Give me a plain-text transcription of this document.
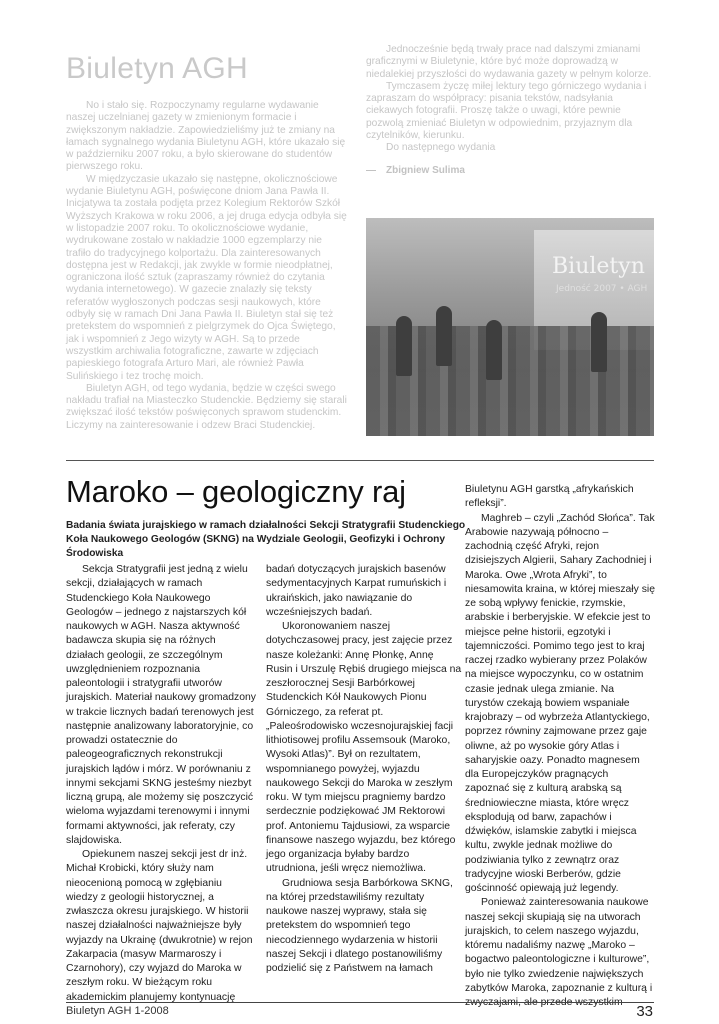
Biuletyn AGH

No i stało się. Rozpoczynamy regularne wydawanie naszej uczelnianej gazety w zmienionym formacie i zwiększonym nakładzie. Zapowiedzieliśmy już te zmiany na łamach sygnalnego wydania Biuletynu AGH, które ukazało się w październiku 2007 roku, a było skierowane do studentów pierwszego roku.

W międzyczasie ukazało się następne, okolicznościowe wydanie Biuletynu AGH, poświęcone dniom Jana Pawła II. Inicjatywa ta została podjęta przez Kolegium Rektorów Szkół Wyższych Krakowa w roku 2006, a jej druga edycja odbyła się w listopadzie 2007 roku. To okolicznościowe wydanie, wydrukowane zostało w nakładzie 1000 egzemplarzy nie trafiło do tradycyjnego kolportażu. Dla zainteresowanych dostępna jest w Redakcji, jak zwykle w formie nieodpłatnej, ograniczona ilość sztuk (zapraszamy również do czytania wydania internetowego). W gazecie znalazły się teksty referatów wygłoszonych podczas sesji naukowych, które odbyły się w ramach Dni Jana Pawła II. Biuletyn stał się też pretekstem do wspomnień z pielgrzymek do Ojca Świętego, jak i wspomnień z Jego wizyty w AGH. Są to przede wszystkim archiwalia fotograficzne, zawarte w zdjęciach papieskiego fotografa Arturo Mari, ale również Pawła Sulińskiego i tez trochę moich.

Biuletyn AGH, od tego wydania, będzie w części swego nakładu trafiał na Miasteczko Studenckie. Będziemy się starali zwiększać ilość tekstów poświęconych sprawom studenckim. Liczymy na zainteresowanie i odzew Braci Studenckiej.

Jednocześnie będą trwały prace nad dalszymi zmianami graficznymi w Biuletynie, które być może doprowadzą w niedalekiej przyszłości do wydawania gazety w pełnym kolorze.

Tymczasem życzę miłej lektury tego górniczego wydania i zapraszam do współpracy: pisania tekstów, nadsyłania ciekawych fotografii. Proszę także o uwagi, które pewnie pozwolą zmieniać Biuletyn w odpowiednim, przyjaznym dla czytelników, kierunku.

Do następnego wydania

— Zbigniew Sulima
Biuletyn
Jedność 2007 • AGH
Maroko – geologiczny raj

Badania świata jurajskiego w ramach działalności Sekcji Stratygrafii Studenckiego Koła Naukowego Geologów (SKNG) na Wydziale Geologii, Geofizyki i Ochrony Środowiska

Sekcja Stratygrafii jest jedną z wielu sekcji, działających w ramach Studenckiego Koła Naukowego Geologów – jednego z najstarszych kół naukowych w AGH. Nasza aktywność badawcza skupia się na różnych działach geologii, ze szczególnym uwzględnieniem rozpoznania paleontologii i stratygrafii utworów jurajskich. Materiał naukowy gromadzony w trakcie licznych badań terenowych jest następnie analizowany laboratoryjnie, co prowadzi ostatecznie do paleogeograficznych rekonstrukcji jurajskich lądów i mórz. W porównaniu z innymi sekcjami SKNG jesteśmy niezbyt liczną grupą, ale możemy się poszczycić wieloma wyjazdami terenowymi i innymi formami aktywności, jak referaty, czy slajdowiska.

Opiekunem naszej sekcji jest dr inż. Michał Krobicki, który służy nam nieocenioną pomocą w zgłębianiu wiedzy z geologii historycznej, a zwłaszcza okresu jurajskiego. W historii naszej działalności najważniejsze były wyjazdy na Ukrainę (dwukrotnie) w rejon Zakarpacia (masyw Marmaroszy i Czarnohory), czy wyjazd do Maroka w zeszłym roku. W bieżącym roku akademickim planujemy kontynuację

badań dotyczących jurajskich basenów sedymentacyjnych Karpat rumuńskich i ukraińskich, jako nawiązanie do wcześniejszych badań.

Ukoronowaniem naszej dotychczasowej pracy, jest zajęcie przez nasze koleżanki: Annę Płonkę, Annę Rusin i Urszulę Rębiś drugiego miejsca na zeszłorocznej Sesji Barbórkowej Studenckich Kół Naukowych Pionu Górniczego, za referat pt. „Paleośrodowisko wczesnojurajskiej facji lithiotisowej profilu Assemsouk (Maroko, Wysoki Atlas)”. Był on rezultatem, wspomnianego powyżej, wyjazdu naukowego Sekcji do Maroka w zeszłym roku. W tym miejscu pragniemy bardzo serdecznie podziękować JM Rektorowi prof. Antoniemu Tajdusiowi, za wsparcie finansowe naszego wyjazdu, bez którego jego organizacja byłaby bardzo utrudniona, jeśli wręcz niemożliwa.

Grudniowa sesja Barbórkowa SKNG, na której przedstawiliśmy rezultaty naukowe naszej wyprawy, stała się pretekstem do wspomnień tego niecodziennego wydarzenia w historii naszej Sekcji i dlatego postanowiliśmy podzielić się z Państwem na łamach

Biuletynu AGH garstką „afrykańskich refleksji”.

Maghreb – czyli „Zachód Słońca”. Tak Arabowie nazywają północno – zachodnią część Afryki, rejon dzisiejszych Algierii, Sahary Zachodniej i Maroka. Owe „Wrota Afryki”, to niesamowita kraina, w której mieszały się ze sobą wpływy fenickie, rzymskie, arabskie i berberyjskie. W efekcie jest to miejsce pełne historii, egzotyki i tajemniczości. Pomimo tego jest to kraj raczej rzadko wybierany przez Polaków na miejsce wypoczynku, co w ostatnim czasie jednak ulega zmianie. Na turystów czekają bowiem wspaniałe krajobrazy – od wybrzeża Atlantyckiego, poprzez równiny zajmowane przez gaje oliwne, aż po wysokie góry Atlas i saharyjskie oazy. Ponadto magnesem dla Europejczyków pragnących zapoznać się z kulturą arabską są średniowieczne miasta, które wręcz eksplodują od barw, zapachów i dźwięków, islamskie zabytki i miejsca kultu, zwykle jednak możliwe do podziwiania tylko z zewnątrz oraz tradycyjne wioski Berberów, gdzie gościnność opiewają już legendy.

Ponieważ zainteresowania naukowe naszej sekcji skupiają się na utworach jurajskich, to celem naszego wyjazdu, któremu nadaliśmy nazwę „Maroko – bogactwo paleontologiczne i kulturowe”, było nie tylko zwiedzenie największych zabytków Maroka, zapoznanie z kulturą i

Biuletyn AGH 1-2008	33
